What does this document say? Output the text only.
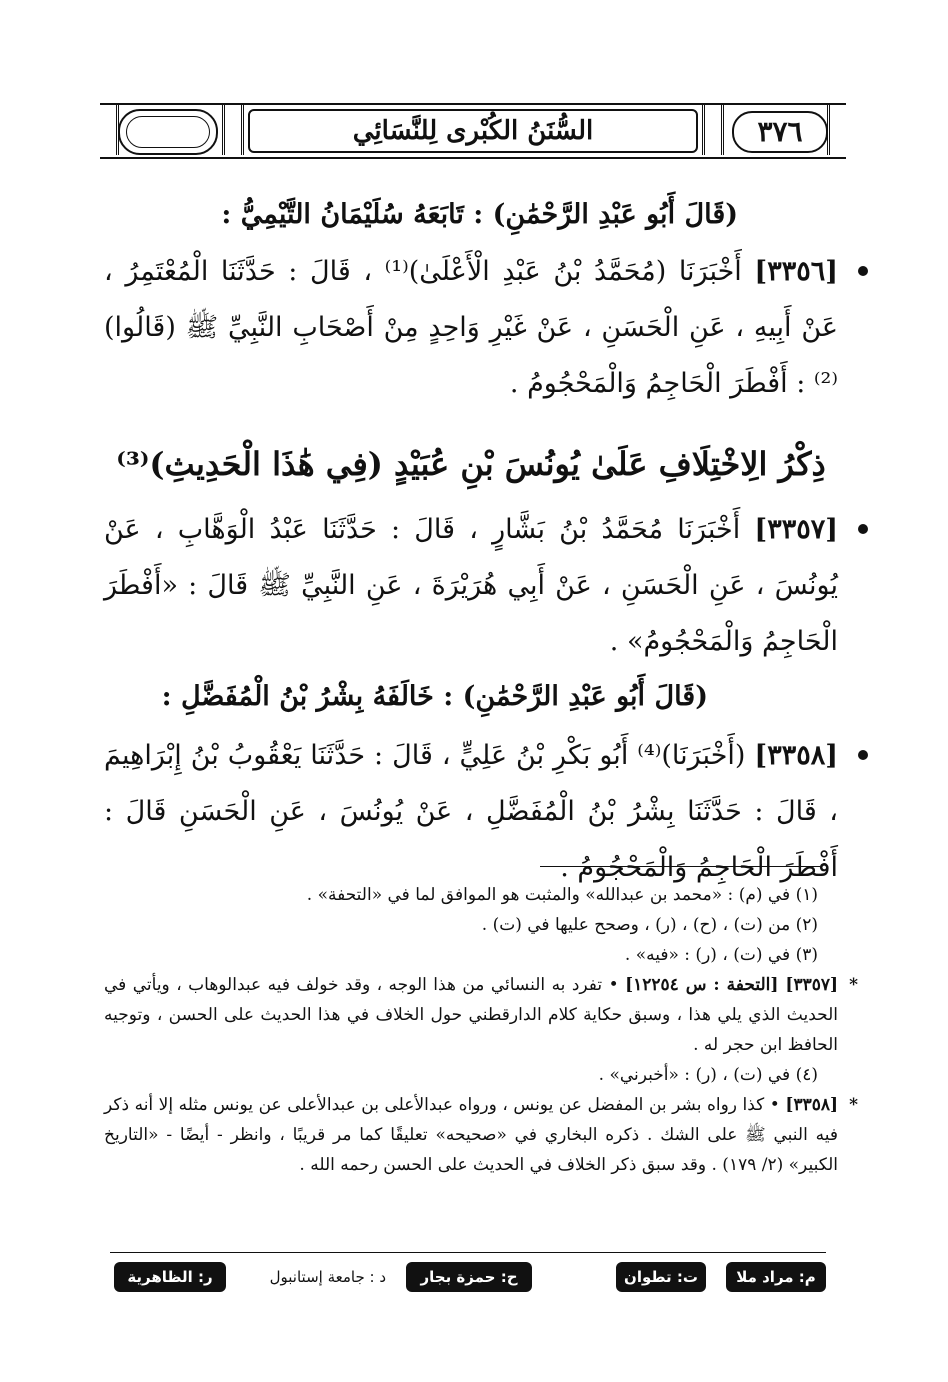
٣٧٦
السُّنَنُ الكُبْرى لِلنَّسَائِي
(قَالَ أَبُو عَبْدِ الرَّحْمَٰنِ) : تَابَعَهُ سُلَيْمَانُ التَّيْمِيُّ :
[٣٣٥٦] أَخْبَرَنَا (مُحَمَّدُ بْنُ عَبْدِ الْأَعْلَىٰ)⁽¹⁾ ، قَالَ : حَدَّثَنَا الْمُعْتَمِرُ ، عَنْ أَبِيهِ ، عَنِ الْحَسَنِ ، عَنْ غَيْرِ وَاحِدٍ مِنْ أَصْحَابِ النَّبِيِّ ﷺ (قَالُوا)⁽²⁾ : أَفْطَرَ الْحَاجِمُ وَالْمَحْجُومُ .
ذِكْرُ الِاخْتِلَافِ عَلَىٰ يُونُسَ بْنِ عُبَيْدٍ (فِي هَٰذَا الْحَدِيثِ)⁽³⁾
[٣٣٥٧] أَخْبَرَنَا مُحَمَّدُ بْنُ بَشَّارٍ ، قَالَ : حَدَّثَنَا عَبْدُ الْوَهَّابِ ، عَنْ يُونُسَ ، عَنِ الْحَسَنِ ، عَنْ أَبِي هُرَيْرَةَ ، عَنِ النَّبِيِّ ﷺ قَالَ : «أَفْطَرَ الْحَاجِمُ وَالْمَحْجُومُ» .
(قَالَ أَبُو عَبْدِ الرَّحْمَٰنِ) : خَالَفَهُ بِشْرُ بْنُ الْمُفَضَّلِ :
[٣٣٥٨] (أَخْبَرَنَا)⁽⁴⁾ أَبُو بَكْرِ بْنُ عَلِيٍّ ، قَالَ : حَدَّثَنَا يَعْقُوبُ بْنُ إِبْرَاهِيمَ ، قَالَ : حَدَّثَنَا بِشْرُ بْنُ الْمُفَضَّلِ ، عَنْ يُونُسَ ، عَنِ الْحَسَنِ قَالَ : أَفْطَرَ الْحَاجِمُ وَالْمَحْجُومُ .
(١) في (م) : «محمد بن عبدالله» والمثبت هو الموافق لما في «التحفة» .
(٢) من (ت) ، (ح) ، (ر) ، وصحح عليها في (ت) .
(٣) في (ت) ، (ر) : «فيه» .
*
[٣٣٥٧] [التحفة : س ١٢٢٥٤] • تفرد به النسائي من هذا الوجه ، وقد خولف فيه عبدالوهاب ، ويأتي في الحديث الذي يلي هذا ، وسبق حكاية كلام الدارقطني حول الخلاف في هذا الحديث على الحسن ، وتوجيه الحافظ ابن حجر له .
(٤) في (ت) ، (ر) : «أخبرني» .
*
[٣٣٥٨] • كذا رواه بشر بن المفضل عن يونس ، ورواه عبدالأعلى بن عبدالأعلى عن يونس مثله إلا أنه ذكر فيه النبي ﷺ على الشك . ذكره البخاري في «صحيحه» تعليقًا كما مر قريبًا ، وانظر - أيضًا - «التاريخ الكبير» (٢/ ١٧٩) . وقد سبق ذكر الخلاف في الحديث على الحسن رحمه الله .
م: مراد ملا
ت: تطوان
ح: حمزة بجار الله
د : جامعة إستانبول
ر: الظاهرية
